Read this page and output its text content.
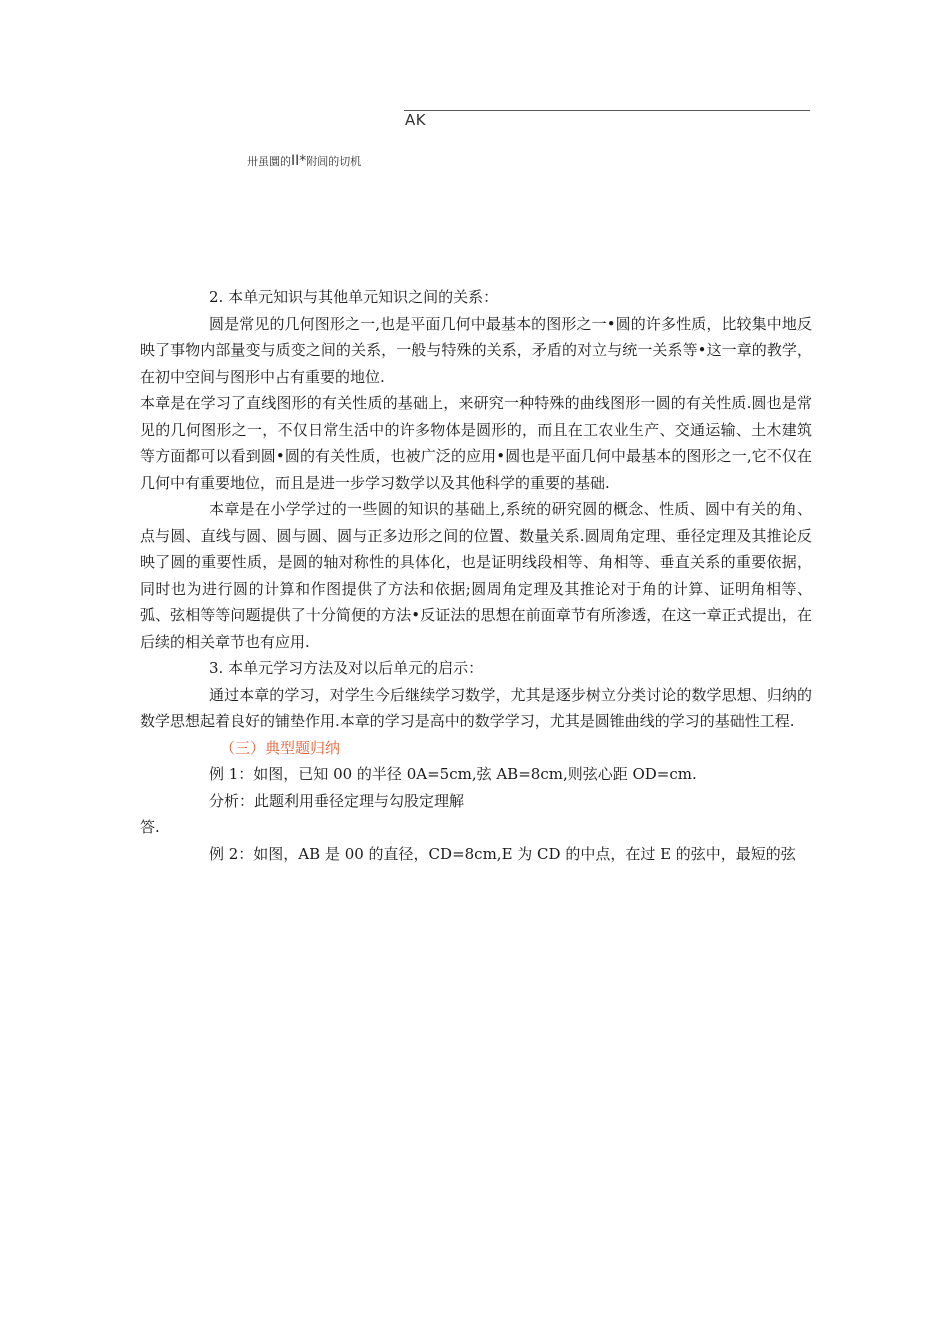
AK
卅虽圜的II*附闾的切机

2. 本单元知识与其他单元知识之间的关系：

圆是常见的几何图形之一,也是平面几何中最基本的图形之一•圆的许多性质，比较集中地反映了事物内部量变与质变之间的关系，一般与特殊的关系，矛盾的对立与统一关系等•这一章的教学，在初中空间与图形中占有重要的地位.

本章是在学习了直线图形的有关性质的基础上，来研究一种特殊的曲线图形一圆的有关性质.圆也是常见的几何图形之一，不仅日常生活中的许多物体是圆形的，而且在工农业生产、交通运输、土木建筑等方面都可以看到圆•圆的有关性质，也被广泛的应用•圆也是平面几何中最基本的图形之一,它不仅在几何中有重要地位，而且是进一步学习数学以及其他科学的重要的基础.

本章是在小学学过的一些圆的知识的基础上,系统的研究圆的概念、性质、圆中有关的角、点与圆、直线与圆、圆与圆、圆与正多边形之间的位置、数量关系.圆周角定理、垂径定理及其推论反映了圆的重要性质，是圆的轴对称性的具体化，也是证明线段相等、角相等、垂直关系的重要依据，同时也为进行圆的计算和作图提供了方法和依据;圆周角定理及其推论对于角的计算、证明角相等、弧、弦相等等问题提供了十分简便的方法•反证法的思想在前面章节有所渗透，在这一章正式提出，在后续的相关章节也有应用.

3. 本单元学习方法及对以后单元的启示：

通过本章的学习，对学生今后继续学习数学，尤其是逐步树立分类讨论的数学思想、归纳的数学思想起着良好的铺垫作用.本章的学习是高中的数学学习，尤其是圆锥曲线的学习的基础性工程.

（三）典型题归纳

例 1：如图，已知 00 的半径 0A=5cm,弦 AB=8cm,则弦心距 OD=cm.

分析：此题利用垂径定理与勾股定理解

答.

例 2：如图，AB 是 00 的直径，CD=8cm,E 为 CD 的中点，在过 E 的弦中，最短的弦
